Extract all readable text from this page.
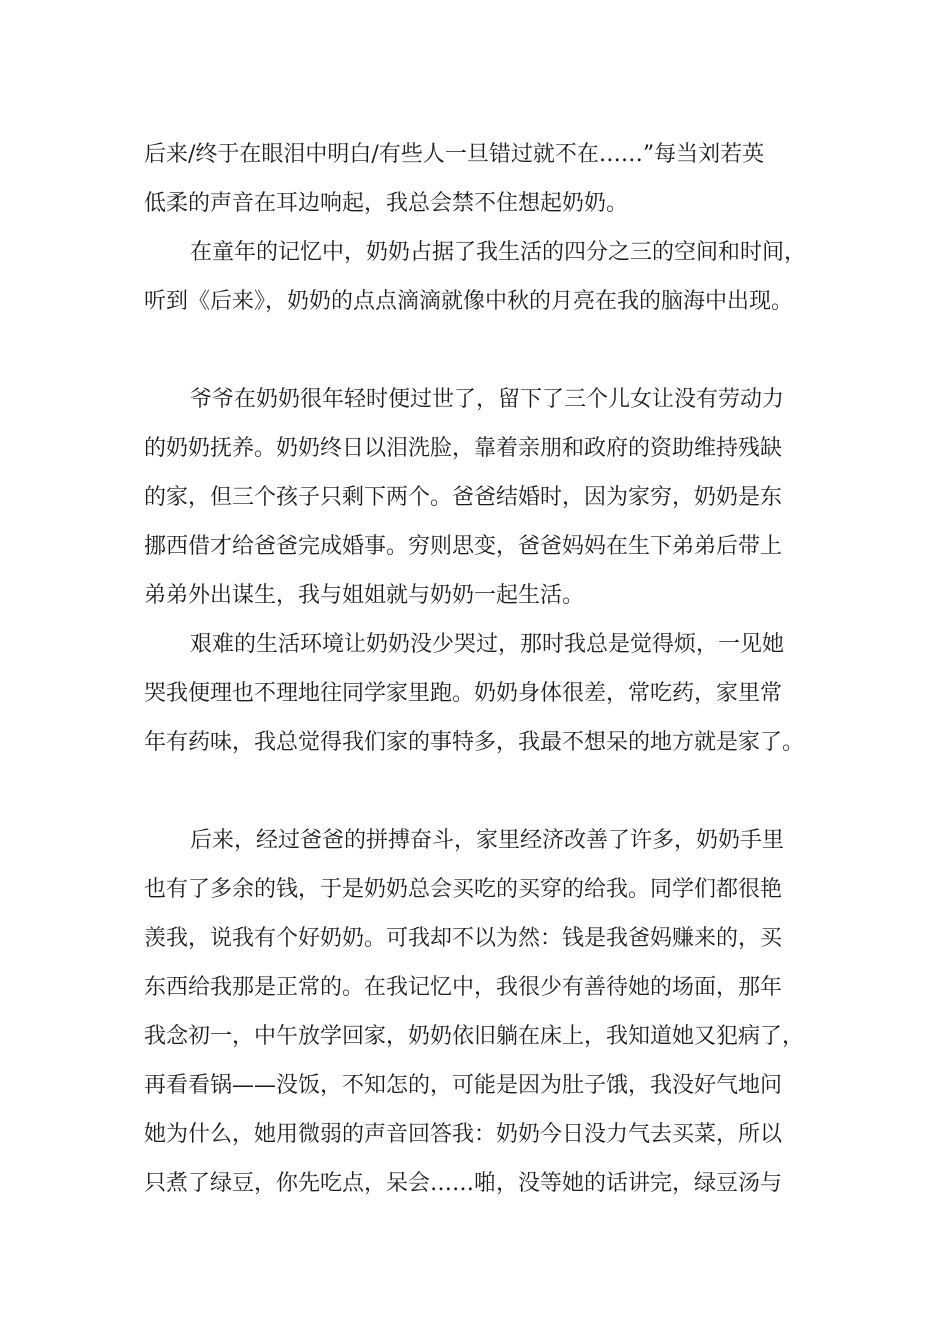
后来/终于在眼泪中明白/有些人一旦错过就不在……”每当刘若英
低柔的声音在耳边响起，我总会禁不住想起奶奶。
在童年的记忆中，奶奶占据了我生活的四分之三的空间和时间，
听到《后来》，奶奶的点点滴滴就像中秋的月亮在我的脑海中出现。
爷爷在奶奶很年轻时便过世了，留下了三个儿女让没有劳动力
的奶奶抚养。奶奶终日以泪洗脸，靠着亲朋和政府的资助维持残缺
的家，但三个孩子只剩下两个。爸爸结婚时，因为家穷，奶奶是东
挪西借才给爸爸完成婚事。穷则思变，爸爸妈妈在生下弟弟后带上
弟弟外出谋生，我与姐姐就与奶奶一起生活。
艰难的生活环境让奶奶没少哭过，那时我总是觉得烦，一见她
哭我便理也不理地往同学家里跑。奶奶身体很差，常吃药，家里常
年有药味，我总觉得我们家的事特多，我最不想呆的地方就是家了。
后来，经过爸爸的拼搏奋斗，家里经济改善了许多，奶奶手里
也有了多余的钱，于是奶奶总会买吃的买穿的给我。同学们都很艳
羡我，说我有个好奶奶。可我却不以为然：钱是我爸妈赚来的，买
东西给我那是正常的。在我记忆中，我很少有善待她的场面，那年
我念初一，中午放学回家，奶奶依旧躺在床上，我知道她又犯病了，
再看看锅——没饭，不知怎的，可能是因为肚子饿，我没好气地问
她为什么，她用微弱的声音回答我：奶奶今日没力气去买菜，所以
只煮了绿豆，你先吃点，呆会……啪，没等她的话讲完，绿豆汤与
